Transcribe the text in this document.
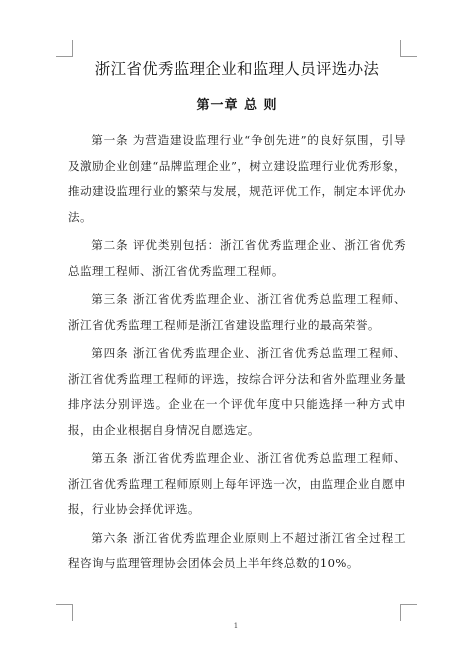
浙江省优秀监理企业和监理人员评选办法
第一章 总 则

第一条 为营造建设监理行业“争创先进”的良好氛围，引导及激励企业创建“品牌监理企业”，树立建设监理行业优秀形象，推动建设监理行业的繁荣与发展，规范评优工作，制定本评优办法。

第二条 评优类别包括：浙江省优秀监理企业、浙江省优秀总监理工程师、浙江省优秀监理工程师。

第三条 浙江省优秀监理企业、浙江省优秀总监理工程师、浙江省优秀监理工程师是浙江省建设监理行业的最高荣誉。

第四条 浙江省优秀监理企业、浙江省优秀总监理工程师、浙江省优秀监理工程师的评选，按综合评分法和省外监理业务量排序法分别评选。企业在一个评优年度中只能选择一种方式申报，由企业根据自身情况自愿选定。

第五条 浙江省优秀监理企业、浙江省优秀总监理工程师、浙江省优秀监理工程师原则上每年评选一次，由监理企业自愿申报，行业协会择优评选。

第六条 浙江省优秀监理企业原则上不超过浙江省全过程工程咨询与监理管理协会团体会员上半年终总数的10%。

1
